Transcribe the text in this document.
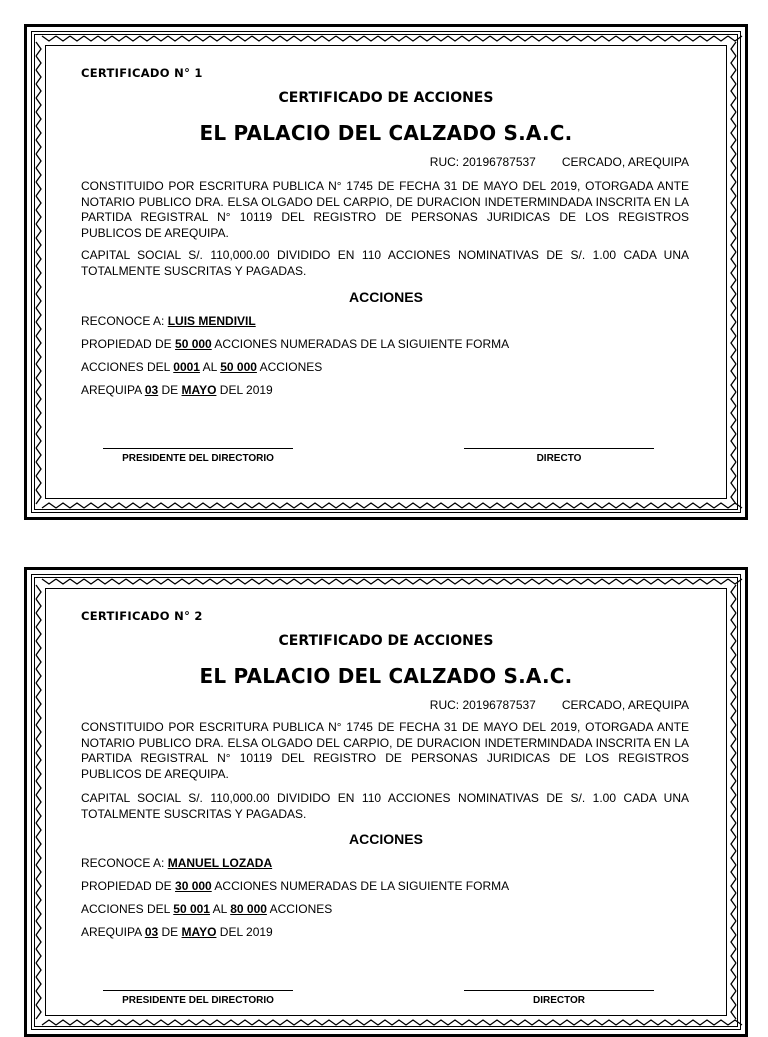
CERTIFICADO N° 1
CERTIFICADO DE ACCIONES
EL PALACIO DEL CALZADO S.A.C.
RUC: 20196787537 CERCADO, AREQUIPA
CONSTITUIDO POR ESCRITURA PUBLICA N° 1745 DE FECHA 31 DE MAYO DEL 2019, OTORGADA ANTE NOTARIO PUBLICO DRA. ELSA OLGADO DEL CARPIO, DE DURACION INDETERMINDADA INSCRITA EN LA PARTIDA REGISTRAL N° 10119 DEL REGISTRO DE PERSONAS JURIDICAS DE LOS REGISTROS PUBLICOS DE AREQUIPA.
CAPITAL SOCIAL S/. 110,000.00 DIVIDIDO EN 110 ACCIONES NOMINATIVAS DE S/. 1.00 CADA UNA TOTALMENTE SUSCRITAS Y PAGADAS.
ACCIONES
RECONOCE A: LUIS MENDIVIL
PROPIEDAD DE 50 000 ACCIONES NUMERADAS DE LA SIGUIENTE FORMA
ACCIONES DEL 0001 AL 50 000 ACCIONES
AREQUIPA 03 DE MAYO DEL 2019
PRESIDENTE DEL DIRECTORIO	DIRECTO
CERTIFICADO N° 2
CERTIFICADO DE ACCIONES
EL PALACIO DEL CALZADO S.A.C.
RUC: 20196787537 CERCADO, AREQUIPA
CONSTITUIDO POR ESCRITURA PUBLICA N° 1745 DE FECHA 31 DE MAYO DEL 2019, OTORGADA ANTE NOTARIO PUBLICO DRA. ELSA OLGADO DEL CARPIO, DE DURACION INDETERMINDADA INSCRITA EN LA PARTIDA REGISTRAL N° 10119 DEL REGISTRO DE PERSONAS JURIDICAS DE LOS REGISTROS PUBLICOS DE AREQUIPA.
CAPITAL SOCIAL S/. 110,000.00 DIVIDIDO EN 110 ACCIONES NOMINATIVAS DE S/. 1.00 CADA UNA TOTALMENTE SUSCRITAS Y PAGADAS.
ACCIONES
RECONOCE A: MANUEL LOZADA
PROPIEDAD DE 30 000 ACCIONES NUMERADAS DE LA SIGUIENTE FORMA
ACCIONES DEL 50 001 AL 80 000 ACCIONES
AREQUIPA 03 DE MAYO DEL 2019
PRESIDENTE DEL DIRECTORIO	DIRECTOR
